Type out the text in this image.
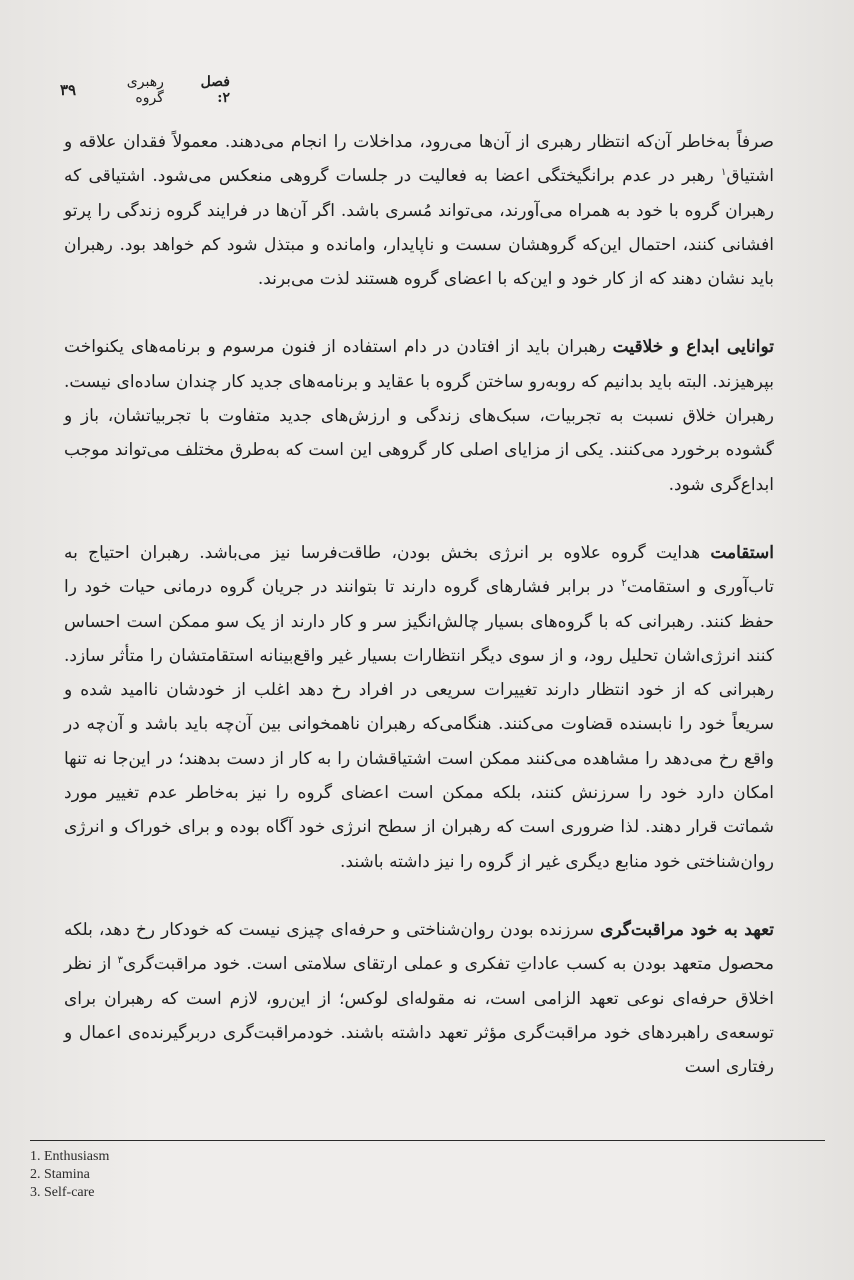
فصل ۲:
رهبری گروه
۳۹

صرفاً به‌خاطر آن‌که انتظار رهبری از آن‌ها می‌رود، مداخلات را انجام می‌دهند. معمولاً فقدان علاقه و اشتیاق$^۱$ رهبر در عدم برانگیختگی اعضا به فعالیت در جلسات گروهی منعکس می‌شود. اشتیاقی که رهبران گروه با خود به همراه می‌آورند، می‌تواند مُسری باشد. اگر آن‌ها در فرایند گروه زندگی را پرتو افشانی کنند، احتمال این‌که گروهشان سست و ناپایدار، وامانده و مبتذل شود کم خواهد بود. رهبران باید نشان دهند که از کار خود و این‌که با اعضای گروه هستند لذت می‌برند.

توانایی ابداع و خلاقیت رهبران باید از افتادن در دام استفاده از فنون مرسوم و برنامه‌های یکنواخت بپرهیزند. البته باید بدانیم که روبه‌رو ساختن گروه با عقاید و برنامه‌های جدید کار چندان ساده‌ای نیست. رهبران خلاق نسبت به تجربیات، سبک‌های زندگی و ارزش‌های جدید متفاوت با تجربیاتشان، باز و گشوده برخورد می‌کنند. یکی از مزایای اصلی کار گروهی این است که به‌طرق مختلف می‌تواند موجب ابداع‌گری شود.

استقامت هدایت گروه علاوه بر انرژی بخش بودن، طاقت‌فرسا نیز می‌باشد. رهبران احتیاج به تاب‌آوری و استقامت$^۲$ در برابر فشارهای گروه دارند تا بتوانند در جریان گروه درمانی حیات خود را حفظ کنند. رهبرانی که با گروه‌های بسیار چالش‌انگیز سر و کار دارند از یک سو ممکن است احساس کنند انرژی‌اشان تحلیل رود، و از سوی دیگر انتظارات بسیار غیر واقع‌بینانه استقامتشان را متأثر سازد. رهبرانی که از خود انتظار دارند تغییرات سریعی در افراد رخ دهد اغلب از خودشان ناامید شده و سریعاً خود را نابسنده قضاوت می‌کنند. هنگامی‌که رهبران ناهمخوانی بین آن‌چه باید باشد و آن‌چه در واقع رخ می‌دهد را مشاهده می‌کنند ممکن است اشتیاقشان را به کار از دست بدهند؛ در این‌جا نه تنها امکان دارد خود را سرزنش کنند، بلکه ممکن است اعضای گروه را نیز به‌خاطر عدم تغییر مورد شماتت قرار دهند. لذا ضروری است که رهبران از سطح انرژی خود آگاه بوده و برای خوراک و انرژی روان‌شناختی خود منابع دیگری غیر از گروه را نیز داشته باشند.

تعهد به خود مراقبت‌گری سرزنده بودن روان‌شناختی و حرفه‌ای چیزی نیست که خودکار رخ دهد، بلکه محصول متعهد بودن به کسب عاداتِ تفکری و عملی ارتقای سلامتی است. خود مراقبت‌گری$^۳$ از نظر اخلاق حرفه‌ای نوعی تعهد الزامی است، نه مقوله‌ای لوکس؛ از این‌رو، لازم است که رهبران برای توسعه‌ی راهبردهای خود مراقبت‌گری مؤثر تعهد داشته باشند. خودمراقبت‌گری دربرگیرنده‌ی اعمال و رفتاری است

1. Enthusiasm
2. Stamina
3. Self-care
